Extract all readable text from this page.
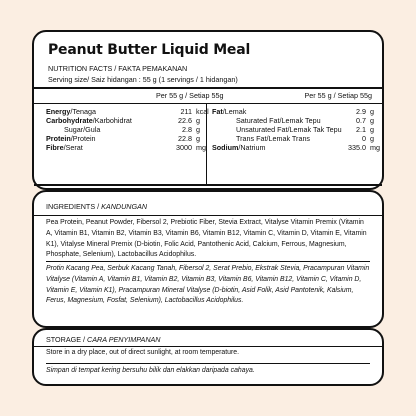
Peanut Butter Liquid Meal
NUTRITION FACTS / FAKTA PEMAKANAN
Serving size/ Saiz hidangan : 55 g (1 servings / 1 hidangan)
Per 55 g / Setiap 55g	Per 55 g / Setiap 55g
Energy/Tenaga	211 kcal
Carbohydrate/Karbohidrat	22.6 g
Sugar/Gula	2.8 g
Protein/Protein	22.8 g
Fibre/Serat	3000 mg
Fat/Lemak	2.9 g
Saturated Fat/Lemak Tepu	0.7 g
Unsaturated Fat/Lemak Tak Tepu 2.1 g
Trans Fat/Lemak Trans	0 g
Sodium/Natrium	335.0 mg
INGREDIENTS / KANDUNGAN
Pea Protein, Peanut Powder, Fibersol 2, Prebiotic Fiber, Stevia Extract, Vitalyse Vitamin Premix (Vitamin A, Vitamin B1, Vitamin B2, Vitamin B3, Vitamin B6, Vitamin B12, Vitamin C, Vitamin D, Vitamin E, Vitamin K1), Vitalyse Mineral Premix (D-biotin, Folic Acid, Pantothenic Acid, Calcium, Ferrous, Magnesium, Phosphate, Selenium), Lactobacillus Acidophilus.
Protin Kacang Pea, Serbuk Kacang Tanah, Fibersol 2, Serat Prebio, Ekstrak Stevia, Pracampuran Vitamin Vitalyse (Vitamin A, Vitamin B1, Vitamin B2, Vitamin B3, Vitamin B6, Vitamin B12, Vitamin C, Vitamin D, Vitamin E, Vitamin K1), Pracampuran Mineral Vitalyse (D-biotin, Asid Folik, Asid Pantotenik, Kalsium, Ferus, Magnesium, Fosfat, Selenium), Lactobacillus Acidophilus.
STORAGE / CARA PENYIMPANAN
Store in a dry place, out of direct sunlight, at room temperature.
Simpan di tempat kering bersuhu bilik dan elakkan daripada cahaya.
